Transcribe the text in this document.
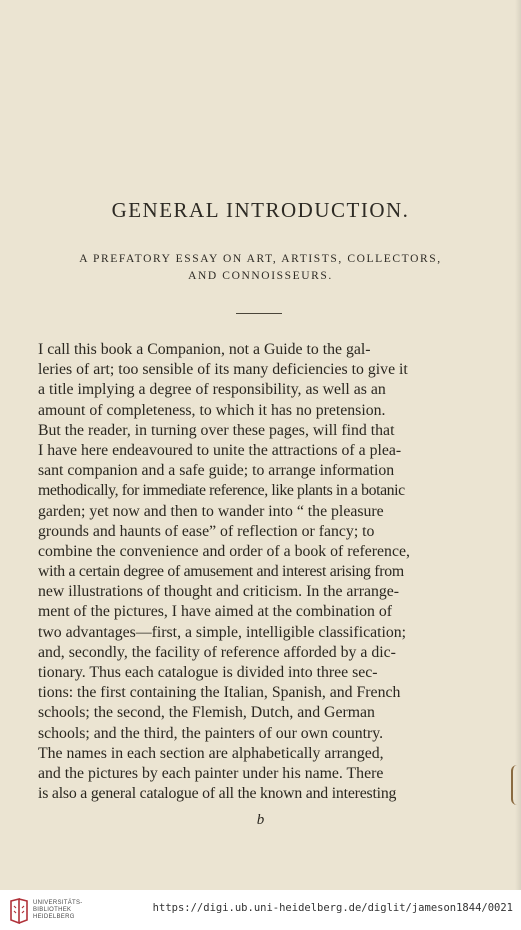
GENERAL INTRODUCTION.
A PREFATORY ESSAY ON ART, ARTISTS, COLLECTORS,
AND CONNOISSEURS.
I call this book a Companion, not a Guide to the gal-
leries of art; too sensible of its many deficiencies to give it
a title implying a degree of responsibility, as well as an
amount of completeness, to which it has no pretension.
But the reader, in turning over these pages, will find that
I have here endeavoured to unite the attractions of a plea-
sant companion and a safe guide; to arrange information
methodically, for immediate reference, like plants in a botanic
garden; yet now and then to wander into “ the pleasure
grounds and haunts of ease” of reflection or fancy; to
combine the convenience and order of a book of reference,
with a certain degree of amusement and interest arising from
new illustrations of thought and criticism. In the arrange-
ment of the pictures, I have aimed at the combination of
two advantages—first, a simple, intelligible classification;
and, secondly, the facility of reference afforded by a dic-
tionary. Thus each catalogue is divided into three sec-
tions: the first containing the Italian, Spanish, and French
schools; the second, the Flemish, Dutch, and German
schools; and the third, the painters of our own country.
The names in each section are alphabetically arranged,
and the pictures by each painter under his name. There
is also a general catalogue of all the known and interesting
b
UNIVERSITÄTS-
BIBLIOTHEK
HEIDELBERG
https://digi.ub.uni-heidelberg.de/diglit/jameson1844/0021
